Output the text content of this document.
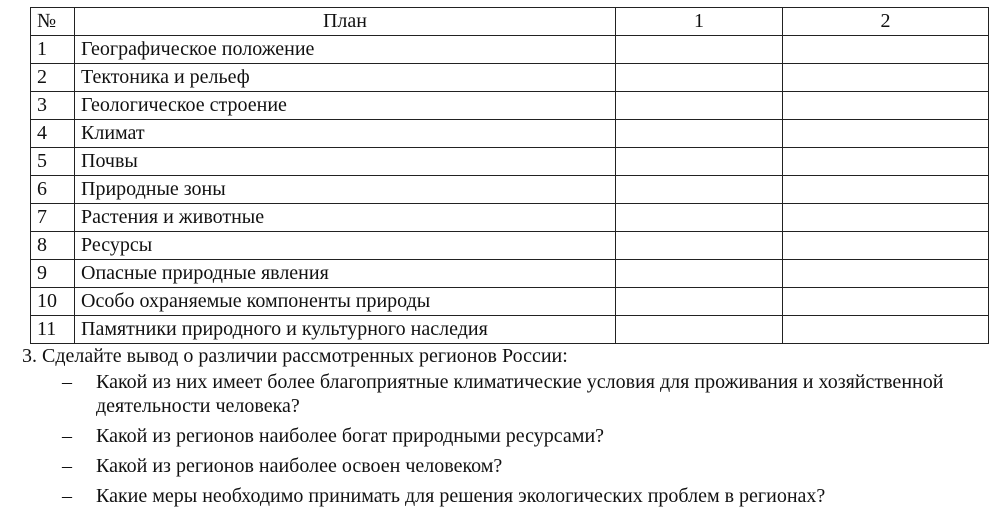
№	План	1	2
1	Географическое положение		
2	Тектоника и рельеф		
3	Геологическое строение		
4	Климат		
5	Почвы		
6	Природные зоны		
7	Растения и животные		
8	Ресурсы		
9	Опасные природные явления		
10	Особо охраняемые компоненты природы		
11	Памятники природного и культурного наследия		
3. Сделайте вывод о различии рассмотренных регионов России:
– Какой из них имеет более благоприятные климатические условия для проживания и хозяйственной деятельности человека?
– Какой из регионов наиболее богат природными ресурсами?
– Какой из регионов наиболее освоен человеком?
– Какие меры необходимо принимать для решения экологических проблем в регионах?
